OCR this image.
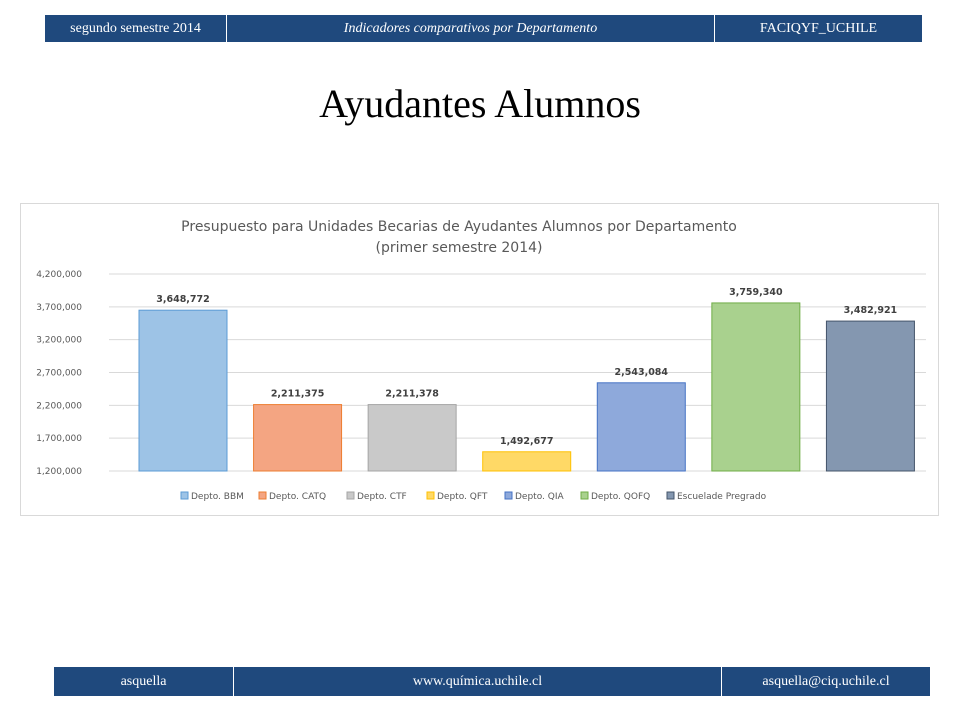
segundo semestre 2014	Indicadores comparativos por Departamento	FACIQYF_UCHILE
Ayudantes Alumnos
Presupuesto para Unidades Becarias de Ayudantes Alumnos por Departamento
(primer semestre 2014)
1,200,000
1,700,000
2,200,000
2,700,000
3,200,000
3,700,000
4,200,000
3,648,772
2,211,375	2,211,378
1,492,677
2,543,084
3,759,340
3,482,921
Depto. BBM	Depto. CATQ	Depto. CTF	Depto. QFT	Depto. QIA	Depto. QOFQ	Escuelade Pregrado
asquella	www.química.uchile.cl	asquella@ciq.uchile.cl
